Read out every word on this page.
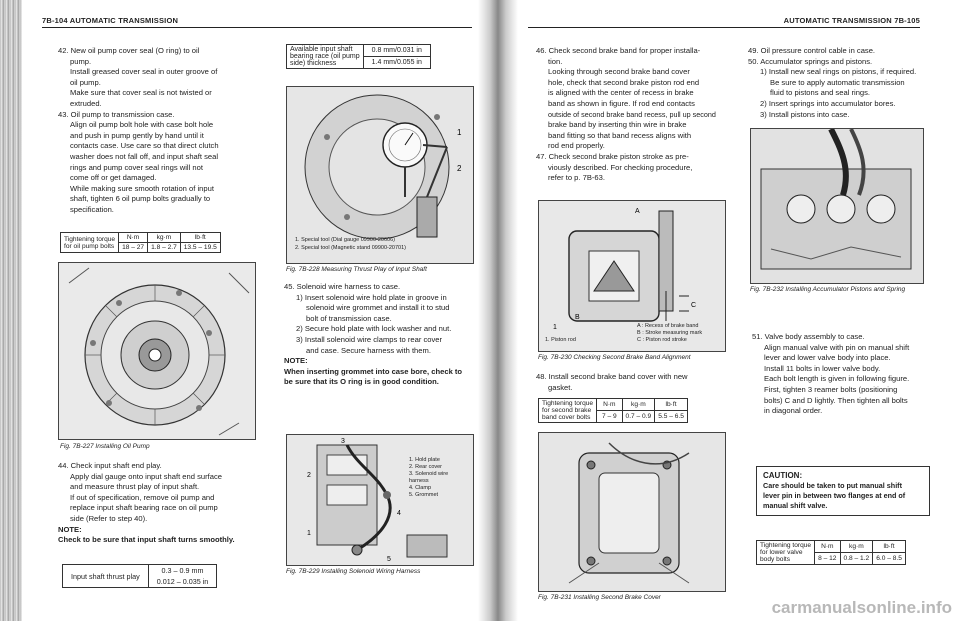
7B-104 AUTOMATIC TRANSMISSION	AUTOMATIC TRANSMISSION 7B-105

42. New oil pump cover seal (O ring) to oil

pump.

Install greased cover seal in outer groove of

oil pump.

Make sure that cover seal is not twisted or

extruded.

43. Oil pump to transmission case.

Align oil pump bolt hole with case bolt hole

and push in pump gently by hand until it

contacts case. Use care so that direct clutch

washer does not fall off, and input shaft seal

rings and pump cover seal rings will not

come off or get damaged.

While making sure smooth rotation of input

shaft, tighten 6 oil pump bolts gradually to

specification.

Tightening torque
for oil pump bolts	N·m	kg·m	lb·ft
	18 – 27	1.8 – 2.7	13.5 – 19.5
Fig. 7B-227 Installing Oil Pump

44. Check input shaft end play.

Apply dial gauge onto input shaft end surface

and measure thrust play of input shaft.

If out of specification, remove oil pump and

replace input shaft bearing race on oil pump

side (Refer to step 40).

NOTE:

Check to be sure that input shaft turns smoothly.

Input shaft thrust play	0.3 – 0.9 mm
0.012 – 0.035 in
Available input shaft
bearing race (oil pump
side) thickness	0.8 mm/0.031 in
1.4 mm/0.055 in
1
2
1. Special tool (Dial gauge 09900-20606)
2. Special tool (Magnetic stand 09900-20701)
Fig. 7B-228 Measuring Thrust Play of Input Shaft

45. Solenoid wire harness to case.

1) Insert solenoid wire hold plate in groove in

solenoid wire grommet and install it to stud

bolt of transmission case.

2) Secure hold plate with lock washer and nut.

3) Install solenoid wire clamps to rear cover

and case. Secure harness with them.

NOTE:

When inserting grommet into case bore, check to

be sure that its O ring is in good condition.

2
3
1
4
5
1. Hold plate
2. Rear cover
3. Solenoid wire
harness
4. Clamp
5. Grommet
Fig. 7B-229 Installing Solenoid Wiring Harness

46. Check second brake band for proper installa-

tion.

Looking through second brake band cover

hole, check that second brake piston rod end

is aligned with the center of recess in brake

band as shown in figure. If rod end contacts

outside of second brake band recess, pull up second

brake band by inserting thin wire in brake

band fitting so that band recess aligns with

rod end properly.

47. Check second brake piston stroke as pre-

viously described. For checking procedure,

refer to p. 7B-63.

C
A
B
1	A : Recess of brake band
B : Stroke measuring mark
C : Piston rod stroke
1. Piston rod
Fig. 7B-230 Checking Second Brake Band Alignment

48. Install second brake band cover with new

gasket.

Tightening torque
for second brake
band cover bolts	N·m	kg·m	lb·ft
	7 – 9	0.7 – 0.9	5.5 – 6.5
Fig. 7B-231 Installing Second Brake Cover

49. Oil pressure control cable in case.

50. Accumulator springs and pistons.

1) Install new seal rings on pistons, if required.

Be sure to apply automatic transmission

fluid to pistons and seal rings.

2) Insert springs into accumulator bores.

3) Install pistons into case.

Fig. 7B-232 Installing Accumulator Pistons and Spring

51. Valve body assembly to case.

Align manual valve with pin on manual shift

lever and lower valve body into place.

Install 11 bolts in lower valve body.

Each bolt length is given in following figure.

First, tighten 3 reamer bolts (positioning

bolts) C and D lightly. Then tighten all bolts

in diagonal order.

CAUTION:
Care should be taken to put manual shift
lever pin in between two flanges at end of
manual shift valve.
Tightening torque
for lower valve
body bolts	N·m	kg·m	lb·ft
	8 – 12	0.8 – 1.2	6.0 – 8.5
carmanualsonline.info
